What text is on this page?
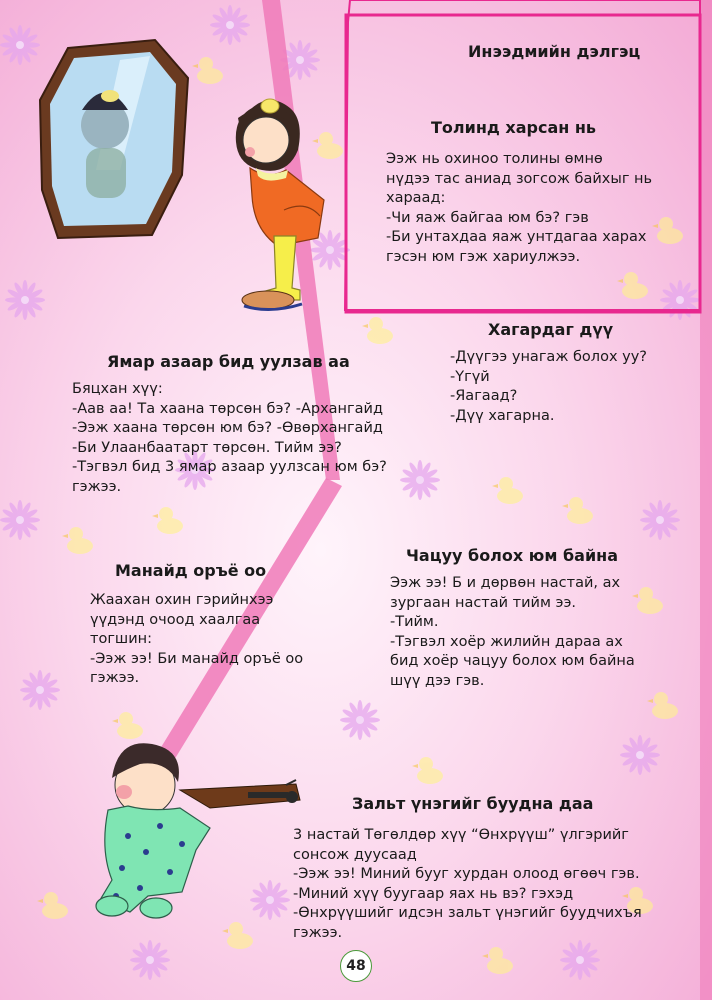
Инээдмийн дэлгэц
Толинд харсан нь

Ээж нь охиноо толины өмнө
нүдээ тас аниад зогсож байхыг нь
хараад:
-Чи яаж байгаа юм бэ? гэв
-Би унтахдаа яаж унтдагаа харах
гэсэн юм гэж хариулжээ.

Хагардаг дүү

-Дүүгээ унагаж болох уу?
-Үгүй
-Яагаад?
-Дүү хагарна.

Ямар азаар бид уулзав аа

Бяцхан хүү:
-Аав аа! Та хаана төрсөн бэ? -Архангайд
-Ээж хаана төрсөн юм бэ? -Өвөрхангайд
-Би Улаанбаатарт төрсөн. Тийм ээ?
-Тэгвэл бид 3 ямар азаар уулзсан юм бэ?
гэжээ.

Чацуу болох юм байна

Ээж ээ! Б и дөрвөн настай, ах
зургаан настай тийм ээ.
-Тийм.
-Тэгвэл хоёр жилийн дараа ах
бид хоёр чацуу болох юм байна
шүү дээ гэв.

Манайд оръё оо

Жаахан охин гэрийнхээ
үүдэнд очоод хаалгаа
тогшин:
-Ээж ээ! Би манайд оръё оо
гэжээ.

Зальт үнэгийг буудна даа

3 настай Төгөлдөр хүү “Өнхрүүш” үлгэрийг
сонсож дуусаад
-Ээж ээ! Миний бууг хурдан олоод өгөөч гэв.
-Миний хүү буугаар яах нь вэ? гэхэд
-Өнхрүүшийг идсэн зальт үнэгийг буудчихъя
гэжээ.

48
